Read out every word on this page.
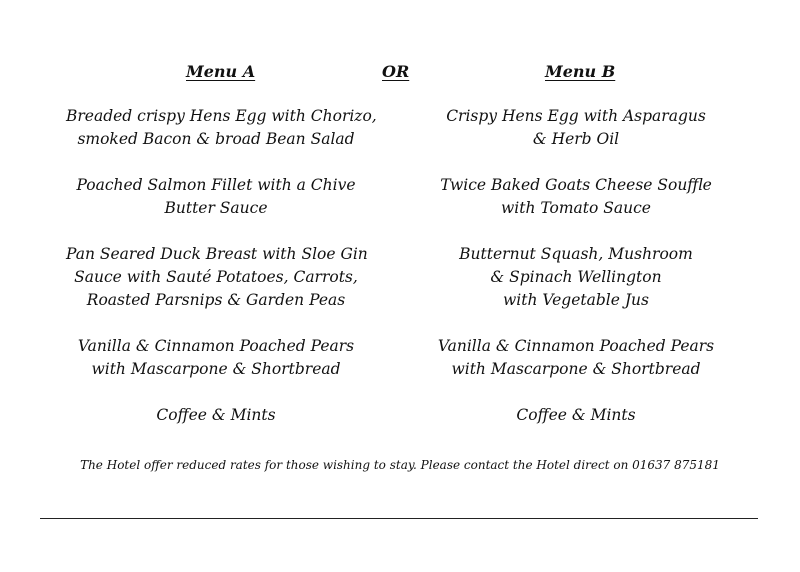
Menu A	OR	Menu B

Breaded crispy Hens Egg with Chorizo,
smoked Bacon & broad Bean Salad

Poached Salmon Fillet with a Chive
Butter Sauce

Pan Seared Duck Breast with Sloe Gin
Sauce with Sauté Potatoes, Carrots,
Roasted Parsnips & Garden Peas

Vanilla & Cinnamon Poached Pears
with Mascarpone & Shortbread

Coffee & Mints

Crispy Hens Egg with Asparagus
& Herb Oil

Twice Baked Goats Cheese Souffle
with Tomato Sauce

Butternut Squash, Mushroom
& Spinach Wellington
with Vegetable Jus

Vanilla & Cinnamon Poached Pears
with Mascarpone & Shortbread

Coffee & Mints

The Hotel offer reduced rates for those wishing to stay. Please contact the Hotel direct on 01637 875181
